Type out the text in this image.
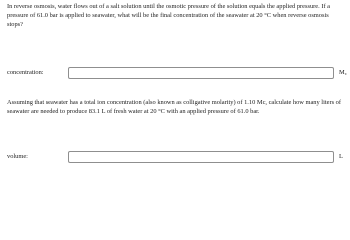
In reverse osmosis, water flows out of a salt solution until the osmotic pressure of the solution equals the applied pressure. If a pressure of 61.0 bar is applied to seawater, what will be the final concentration of the seawater at 20 °C when reverse osmosis stops?

concentration:	$M_c$

Assuming that seawater has a total ion concentration (also known as colligative molarity) of 1.10 Mc, calculate how many liters of seawater are needed to produce 83.1 L of fresh water at 20 °C with an applied pressure of 61.0 bar.

volume:	L
